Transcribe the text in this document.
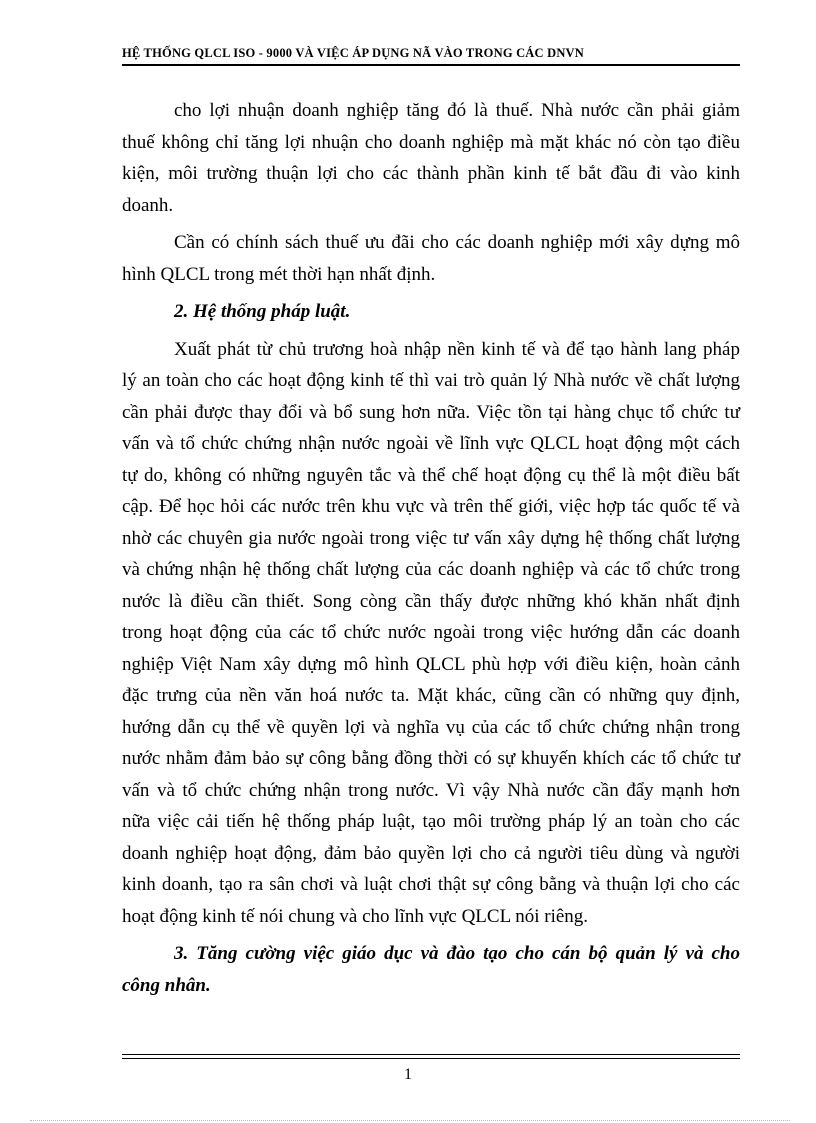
HỆ THỐNG QLCL ISO - 9000 VÀ VIỆC ÁP DỤNG NÃ VÀO TRONG CÁC DNVN
cho lợi nhuận doanh nghiệp tăng đó là thuế. Nhà nước cần phải giảm
thuế không chỉ tăng lợi nhuận cho doanh nghiệp mà mặt khác nó còn tạo điều
kiện, môi trường thuận lợi cho các thành phần kinh tế bắt đầu đi vào kinh
doanh.
Cần có chính sách thuế ưu đãi cho các doanh nghiệp mới xây dựng mô
hình QLCL trong mét thời hạn nhất định.
2. Hệ thống pháp luật.
Xuất phát từ chủ trương hoà nhập nền kinh tế và để tạo hành lang pháp
lý an toàn cho các hoạt động kinh tế thì vai trò quản lý Nhà nước về chất lượng
cần phải được thay đổi và bổ sung hơn nữa. Việc tồn tại hàng chục tổ chức tư
vấn và tổ chức chứng nhận nước ngoài về lĩnh vực QLCL hoạt động một cách
tự do, không có những nguyên tắc và thể chế hoạt động cụ thể là một điều bất
cập. Để học hỏi các nước trên khu vực và trên thế giới, việc hợp tác quốc tế và
nhờ các chuyên gia nước ngoài trong việc tư vấn xây dựng hệ thống chất lượng
và chứng nhận hệ thống chất lượng của các doanh nghiệp và các tổ chức trong
nước là điều cần thiết. Song còng cần thấy được những khó khăn nhất định
trong hoạt động của các tổ chức nước ngoài trong việc hướng dẫn các doanh
nghiệp Việt Nam xây dựng mô hình QLCL phù hợp với điều kiện, hoàn cảnh
đặc trưng của nền văn hoá nước ta. Mặt khác, cũng cần có những quy định,
hướng dẫn cụ thể về quyền lợi và nghĩa vụ của các tổ chức chứng nhận trong
nước nhằm đảm bảo sự công bằng đồng thời có sự khuyến khích các tổ chức tư
vấn và tổ chức chứng nhận trong nước. Vì vậy Nhà nước cần đẩy mạnh hơn
nữa việc cải tiến hệ thống pháp luật, tạo môi trường pháp lý an toàn cho các
doanh nghiệp hoạt động, đảm bảo quyền lợi cho cả người tiêu dùng và người
kinh doanh, tạo ra sân chơi và luật chơi thật sự công bằng và thuận lợi cho các
hoạt động kinh tế nói chung và cho lĩnh vực QLCL nói riêng.
3. Tăng cường việc giáo dục và đào tạo cho cán bộ quản lý và cho
công nhân.
1
